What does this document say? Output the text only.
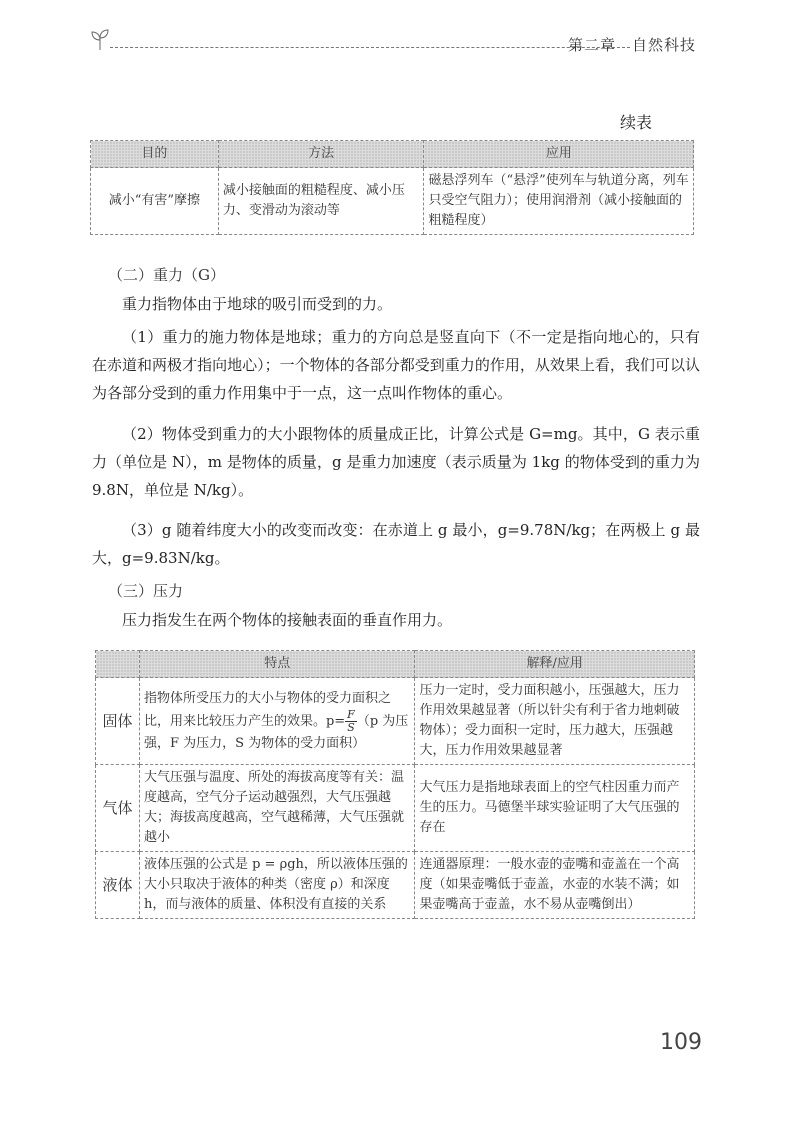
第二章 自然科技
续表
目的	方法	应用
减小“有害”摩擦	减小接触面的粗糙程度、减小压力、变滑动为滚动等	磁悬浮列车（“悬浮”使列车与轨道分离，列车只受空气阻力）；使用润滑剂（减小接触面的粗糙程度）
（二）重力（G）
重力指物体由于地球的吸引而受到的力。
（1）重力的施力物体是地球；重力的方向总是竖直向下（不一定是指向地心的，只有在赤道和两极才指向地心）；一个物体的各部分都受到重力的作用，从效果上看，我们可以认为各部分受到的重力作用集中于一点，这一点叫作物体的重心。
（2）物体受到重力的大小跟物体的质量成正比，计算公式是 G=mg。其中，G 表示重力（单位是 N），m 是物体的质量，g 是重力加速度（表示质量为 1kg 的物体受到的重力为 9.8N，单位是 N/kg）。
（3）g 随着纬度大小的改变而改变：在赤道上 g 最小，g=9.78N/kg；在两极上 g 最大，g=9.83N/kg。
（三）压力
压力指发生在两个物体的接触表面的垂直作用力。
	特点	解释/应用
固体	指物体所受压力的大小与物体的受力面积之比，用来比较压力产生的效果。$p= \frac{F}{S} (p$ 为压强，F 为压力，S 为物体的受力面积）	压力一定时，受力面积越小，压强越大，压力作用效果越显著（所以针尖有利于省力地刺破物体）；受力面积一定时，压力越大，压强越大，压力作用效果越显著
气体	大气压强与温度、所处的海拔高度等有关：温度越高，空气分子运动越强烈，大气压强越大；海拔高度越高，空气越稀薄，大气压强就越小	大气压力是指地球表面上的空气柱因重力而产生的压力。马德堡半球实验证明了大气压强的存在
液体	液体压强的公式是 p = ρgh，所以液体压强的大小只取决于液体的种类（密度 ρ）和深度 h，而与液体的质量、体积没有直接的关系	连通器原理：一般水壶的壶嘴和壶盖在一个高度（如果壶嘴低于壶盖，水壶的水装不满；如果壶嘴高于壶盖，水不易从壶嘴倒出）
109
